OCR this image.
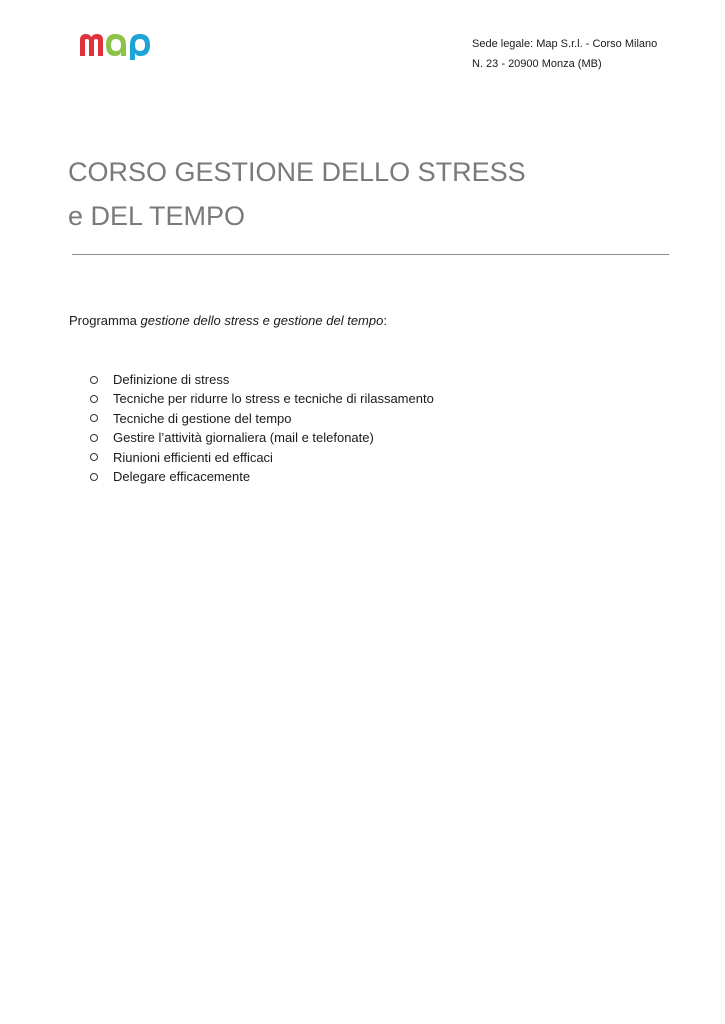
Sede legale: Map S.r.l. - Corso Milano
N. 23 - 20900 Monza (MB)
CORSO GESTIONE DELLO STRESS
e DEL TEMPO
Programma gestione dello stress e gestione del tempo:
Definizione di stress
Tecniche per ridurre lo stress e tecniche di rilassamento
Tecniche di gestione del tempo
Gestire l’attività giornaliera (mail e telefonate)
Riunioni efficienti ed efficaci
Delegare efficacemente
